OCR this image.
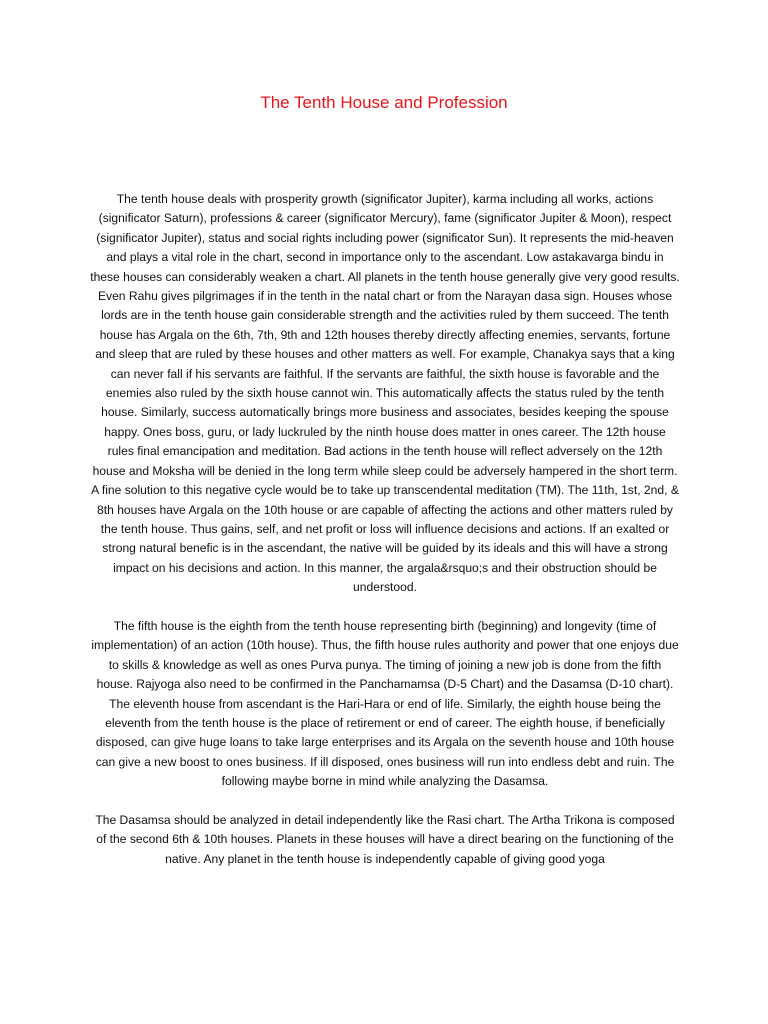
The Tenth House and Profession

The tenth house deals with prosperity growth (significator Jupiter), karma including all works, actions (significator Saturn), professions & career (significator Mercury), fame (significator Jupiter & Moon), respect (significator Jupiter), status and social rights including power (significator Sun). It represents the mid-heaven and plays a vital role in the chart, second in importance only to the ascendant. Low astakavarga bindu in these houses can considerably weaken a chart. All planets in the tenth house generally give very good results. Even Rahu gives pilgrimages if in the tenth in the natal chart or from the Narayan dasa sign. Houses whose lords are in the tenth house gain considerable strength and the activities ruled by them succeed. The tenth house has Argala on the 6th, 7th, 9th and 12th houses thereby directly affecting enemies, servants, fortune and sleep that are ruled by these houses and other matters as well. For example, Chanakya says that a king can never fall if his servants are faithful. If the servants are faithful, the sixth house is favorable and the enemies also ruled by the sixth house cannot win. This automatically affects the status ruled by the tenth house. Similarly, success automatically brings more business and associates, besides keeping the spouse happy. Ones boss, guru, or lady luckruled by the ninth house does matter in ones career. The 12th house rules final emancipation and meditation. Bad actions in the tenth house will reflect adversely on the 12th house and Moksha will be denied in the long term while sleep could be adversely hampered in the short term. A fine solution to this negative cycle would be to take up transcendental meditation (TM). The 11th, 1st, 2nd, & 8th houses have Argala on the 10th house or are capable of affecting the actions and other matters ruled by the tenth house. Thus gains, self, and net profit or loss will influence decisions and actions. If an exalted or strong natural benefic is in the ascendant, the native will be guided by its ideals and this will have a strong impact on his decisions and action. In this manner, the argala&rsquo;s and their obstruction should be understood.

The fifth house is the eighth from the tenth house representing birth (beginning) and longevity (time of implementation) of an action (10th house). Thus, the fifth house rules authority and power that one enjoys due to skills & knowledge as well as ones Purva punya. The timing of joining a new job is done from the fifth house. Rajyoga also need to be confirmed in the Panchamamsa (D-5 Chart) and the Dasamsa (D-10 chart). The eleventh house from ascendant is the Hari-Hara or end of life. Similarly, the eighth house being the eleventh from the tenth house is the place of retirement or end of career. The eighth house, if beneficially disposed, can give huge loans to take large enterprises and its Argala on the seventh house and 10th house can give a new boost to ones business. If ill disposed, ones business will run into endless debt and ruin. The following maybe borne in mind while analyzing the Dasamsa.

The Dasamsa should be analyzed in detail independently like the Rasi chart. The Artha Trikona is composed of the second 6th & 10th houses. Planets in these houses will have a direct bearing on the functioning of the native. Any planet in the tenth house is independently capable of giving good yoga
